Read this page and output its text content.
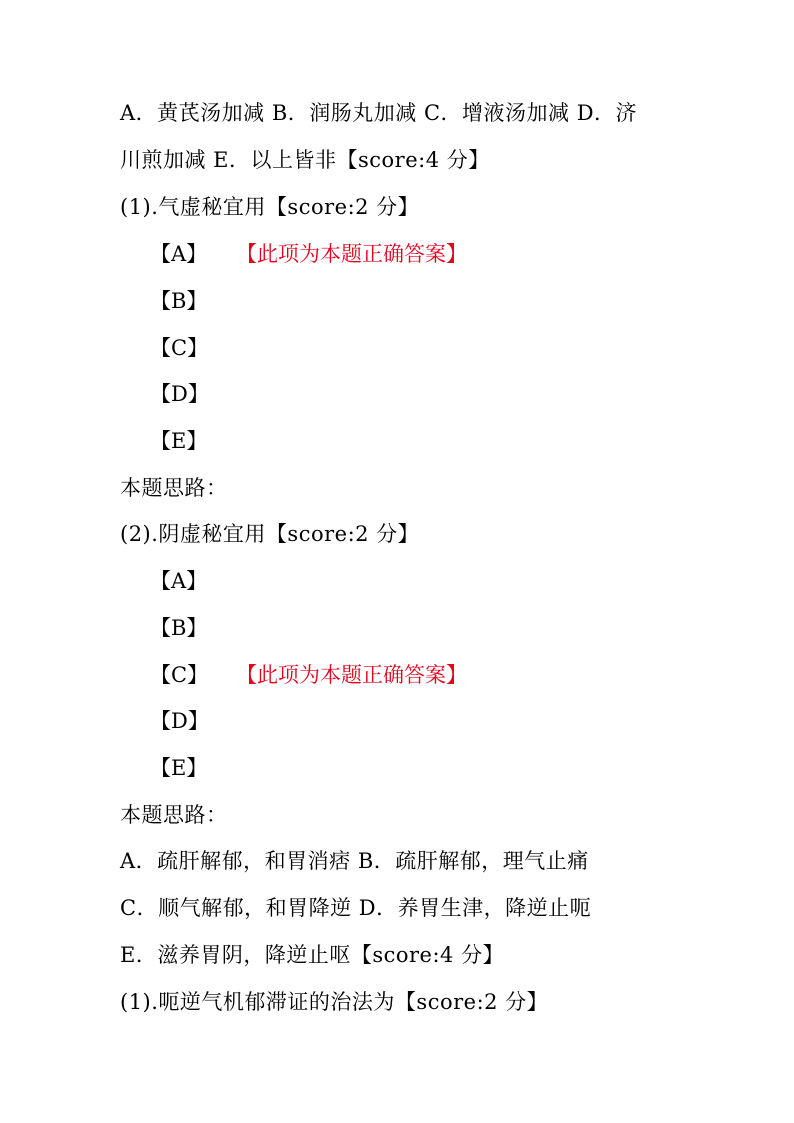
A．黄芪汤加减 B．润肠丸加减 C．增液汤加减 D．济
川煎加减 E．以上皆非【score:4 分】
(1).气虚秘宜用【score:2 分】
【A】 【此项为本题正确答案】
【B】
【C】
【D】
【E】
本题思路：
(2).阴虚秘宜用【score:2 分】
【A】
【B】
【C】 【此项为本题正确答案】
【D】
【E】
本题思路：
A．疏肝解郁，和胃消痞 B．疏肝解郁，理气止痛
C．顺气解郁，和胃降逆 D．养胃生津，降逆止呃
E．滋养胃阴，降逆止呕【score:4 分】
(1).呃逆气机郁滞证的治法为【score:2 分】
